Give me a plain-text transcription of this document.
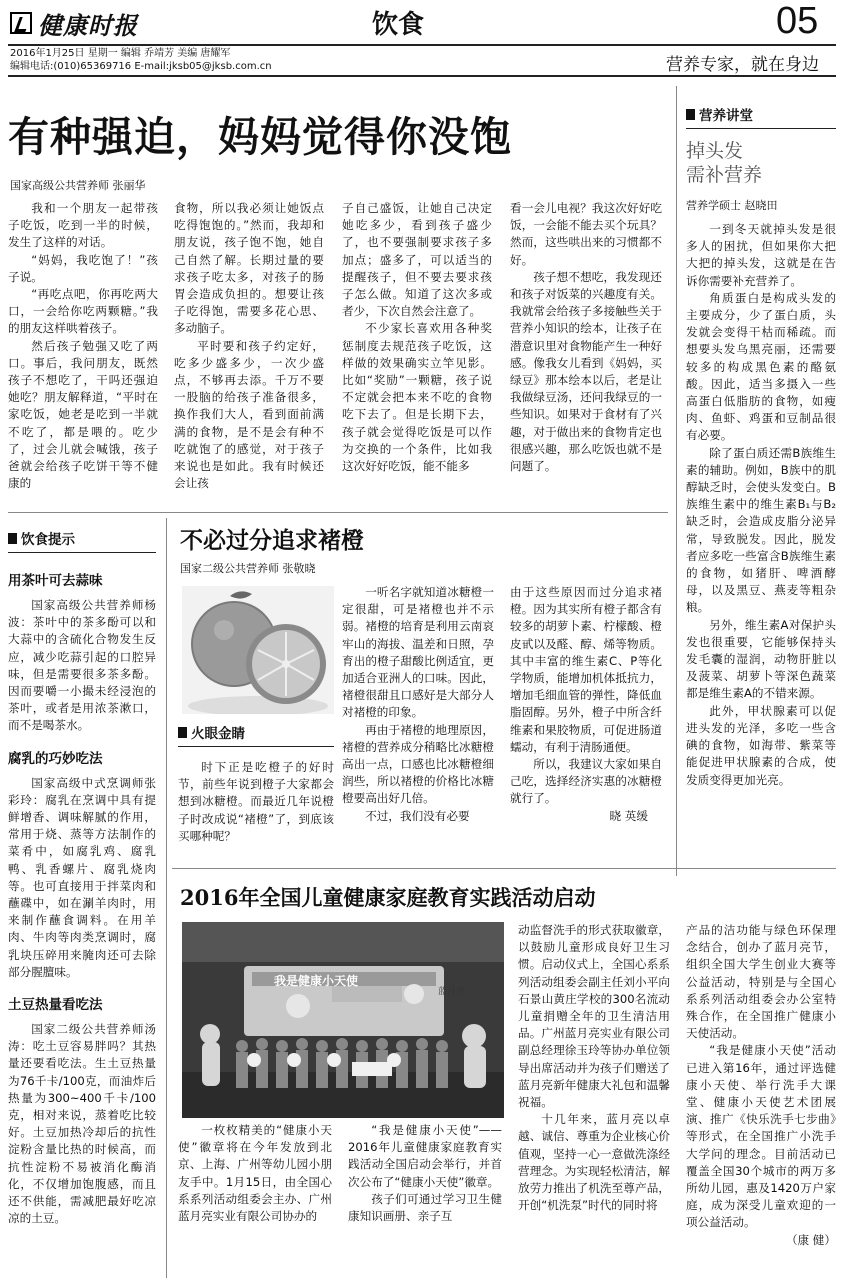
健康时报	饮食	05
2016年1月25日 星期一 编辑 乔靖芳 美编 唐耀军
编辑电话:(010)65369716 E-mail:jksb05@jksb.com.cn	营养专家，就在身边
有种强迫，妈妈觉得你没饱
国家高级公共营养师 张丽华

我和一个朋友一起带孩子吃饭，吃到一半的时候，发生了这样的对话。

“妈妈，我吃饱了！”孩子说。

“再吃点吧，你再吃两大口，一会给你吃两颗糖。”我的朋友这样哄着孩子。

然后孩子勉强又吃了两口。事后，我问朋友，既然孩子不想吃了，干吗还强迫她吃？朋友解释道，“平时在家吃饭，她老是吃到一半就不吃了，都是喂的。吃少了，过会儿就会喊饿，孩子爸就会给孩子吃饼干等不健康的

食物，所以我必须让她饭点吃得饱饱的。”然而，我却和朋友说，孩子饱不饱，她自己自然了解。长期过量的要求孩子吃太多，对孩子的肠胃会造成负担的。想要让孩子吃得饱，需要多花心思、多动脑子。

平时要和孩子约定好，吃多少盛多少，一次少盛点，不够再去添。千万不要一股脑的给孩子准备很多，换作我们大人，看到面前满满的食物，是不是会有种不吃就饱了的感觉，对于孩子来说也是如此。我有时候还会让孩

子自己盛饭，让她自己决定她吃多少，看到孩子盛少了，也不要强制要求孩子多加点；盛多了，可以适当的提醒孩子，但不要去要求孩子怎么做。知道了这次多或者少，下次自然会注意了。

不少家长喜欢用各种奖惩制度去规范孩子吃饭，这样做的效果确实立竿见影。比如“奖励”一颗糖，孩子说不定就会把本来不吃的食物吃下去了。但是长期下去，孩子就会觉得吃饭是可以作为交换的一个条件，比如我这次好好吃饭，能不能多

看一会儿电视？我这次好好吃饭，一会能不能去买个玩具？然而，这些哄出来的习惯都不好。

孩子想不想吃，我发现还和孩子对饭菜的兴趣度有关。我就常会给孩子多接触些关于营养小知识的绘本，让孩子在潜意识里对食物能产生一种好感。像我女儿看到《妈妈，买绿豆》那本绘本以后，老是让我做绿豆汤，还问我绿豆的一些知识。如果对于食材有了兴趣，对于做出来的食物肯定也很感兴趣，那么吃饭也就不是问题了。

营养讲堂
掉头发
需补营养
营养学硕士 赵晓田

一到冬天就掉头发是很多人的困扰，但如果你大把大把的掉头发，这就是在告诉你需要补充营养了。

角质蛋白是构成头发的主要成分，少了蛋白质，头发就会变得干枯而稀疏。而想要头发乌黑亮丽，还需要较多的构成黑色素的酪氨酸。因此，适当多摄入一些高蛋白低脂肪的食物，如瘦肉、鱼虾、鸡蛋和豆制品很有必要。

除了蛋白质还需B族维生素的辅助。例如，B族中的肌醇缺乏时，会使头发变白。B族维生素中的维生素B₁与B₂缺乏时，会造成皮脂分泌异常，导致脱发。因此，脱发者应多吃一些富含B族维生素的食物，如猪肝、啤酒酵母，以及黑豆、燕麦等粗杂粮。

另外，维生素A对保护头发也很重要，它能够保持头发毛囊的湿润，动物肝脏以及菠菜、胡萝卜等深色蔬菜都是维生素A的不错来源。

此外，甲状腺素可以促进头发的光泽，多吃一些含碘的食物，如海带、紫菜等能促进甲状腺素的合成，使发质变得更加光亮。

饮食提示
用茶叶可去蒜味

国家高级公共营养师杨波：茶叶中的茶多酚可以和大蒜中的含硫化合物发生反应，减少吃蒜引起的口腔异味，但是需要很多茶多酚。因而要嚼一小撮未经浸泡的茶叶，或者是用浓茶漱口，而不是喝茶水。

腐乳的巧妙吃法

国家高级中式烹调师张彩玲：腐乳在烹调中具有提鲜增香、调味解腻的作用，常用于烧、蒸等方法制作的菜肴中，如腐乳鸡、腐乳鸭、乳香螺片、腐乳烧肉等。也可直接用于拌菜肉和蘸碟中，如在涮羊肉时，用来制作蘸食调料。在用羊肉、牛肉等肉类烹调时，腐乳块压碎用来腌肉还可去除部分腥膻味。

土豆热量看吃法

国家二级公共营养师汤涛：吃土豆容易胖吗？其热量还要看吃法。生土豆热量为76千卡/100克，而油炸后热量为300~400千卡/100克，相对来说，蒸着吃比较好。土豆加热冷却后的抗性淀粉含量比热的时候高，而抗性淀粉不易被消化酶消化，不仅增加饱腹感，而且还不供能，需减肥最好吃凉凉的土豆。

不必过分追求褚橙
国家二级公共营养师 张敬晓
火眼金睛

时下正是吃橙子的好时节，前些年说到橙子大家都会想到冰糖橙。而最近几年说橙子时改成说“褚橙”了，到底该买哪种呢？

一听名字就知道冰糖橙一定很甜，可是褚橙也并不示弱。褚橙的培育是利用云南哀牢山的海拔、温差和日照，孕育出的橙子甜酸比例适宜，更加适合亚洲人的口味。因此，褚橙很甜且口感好是大部分人对褚橙的印象。

再由于褚橙的地理原因，褚橙的营养成分稍略比冰糖橙高出一点，口感也比冰糖橙细润些，所以褚橙的价格比冰糖橙要高出好几倍。

不过，我们没有必要

由于这些原因而过分追求褚橙。因为其实所有橙子都含有较多的胡萝卜素、柠檬酸、橙皮甙以及醛、醇、烯等物质。其中丰富的维生素C、P等化学物质，能增加机体抵抗力，增加毛细血管的弹性，降低血脂固醇。另外，橙子中所含纤维素和果胶物质，可促进肠道蠕动，有利于清肠通便。

所以，我建议大家如果自己吃，选择经济实惠的冰糖橙就行了。

晓 英缓
2016年全国儿童健康家庭教育实践活动启动
我是健康小天使
蓝月亮

一枚枚精美的“健康小天使”徽章将在今年发放到北京、上海、广州等幼儿园小朋友手中。1月15日，由全国心系系列活动组委会主办、广州蓝月亮实业有限公司协办的

“我是健康小天使”——2016年儿童健康家庭教育实践活动全国启动会举行，并首次公布了“健康小天使”徽章。

孩子们可通过学习卫生健康知识画册、亲子互

动监督洗手的形式获取徽章，以鼓励儿童形成良好卫生习惯。启动仪式上，全国心系系列活动组委会副主任刘小平向石景山黄庄学校的300名流动儿童捐赠全年的卫生清洁用品。广州蓝月亮实业有限公司副总经理徐玉玲等协办单位领导出席活动并为孩子们赠送了蓝月亮新年健康大礼包和温馨祝福。

十几年来，蓝月亮以卓越、诚信、尊重为企业核心价值观，坚持一心一意做洗涤经营理念。为实现轻松清洁，解放劳力推出了机洗至尊产品，开创“机洗泵”时代的同时将

产品的洁功能与绿色环保理念结合，创办了蓝月亮节，组织全国大学生创业大赛等公益活动，特别是与全国心系系列活动组委会办公室特殊合作，在全国推广健康小天使活动。

“我是健康小天使”活动已进入第16年，通过评选健康小天使、举行洗手大课堂、健康小天使艺术团展演、推广《快乐洗手七步曲》等形式，在全国推广小洗手大学问的理念。目前活动已覆盖全国30个城市的两万多所幼儿园，惠及1420万户家庭，成为深受儿童欢迎的一项公益活动。

（康 健）
